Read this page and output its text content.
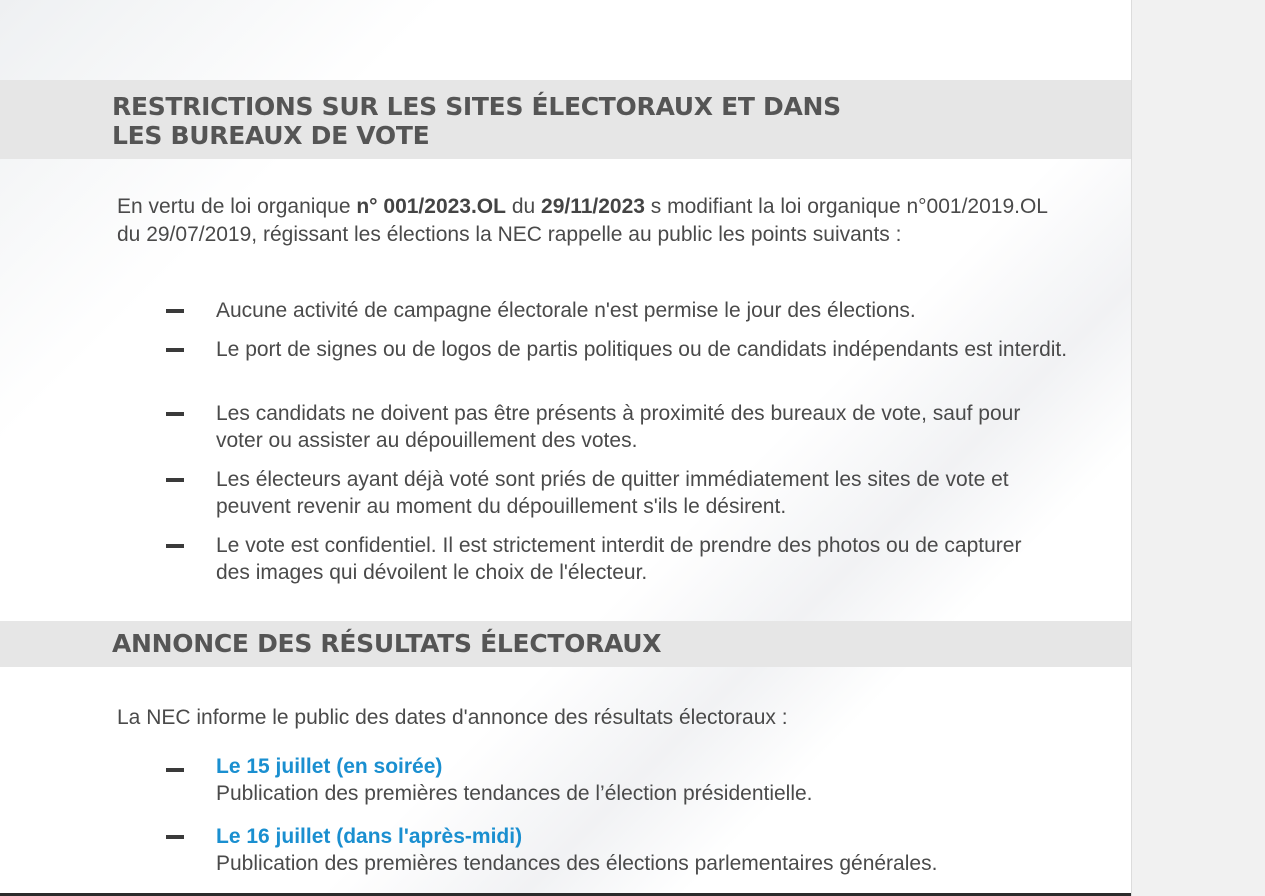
RESTRICTIONS SUR LES SITES ÉLECTORAUX ET DANS LES BUREAUX DE VOTE

En vertu de loi organique n° 001/2023.OL du 29/11/2023 s modifiant la loi organique n°001/2019.OL du 29/07/2019, régissant les élections la NEC rappelle au public les points suivants :

Aucune activité de campagne électorale n'est permise le jour des élections.
Le port de signes ou de logos de partis politiques ou de candidats indépendants est interdit.
Les candidats ne doivent pas être présents à proximité des bureaux de vote, sauf pour voter ou assister au dépouillement des votes.
Les électeurs ayant déjà voté sont priés de quitter immédiatement les sites de vote et peuvent revenir au moment du dépouillement s'ils le désirent.
Le vote est confidentiel. Il est strictement interdit de prendre des photos ou de capturer des images qui dévoilent le choix de l'électeur.
ANNONCE DES RÉSULTATS ÉLECTORAUX

La NEC informe le public des dates d'annonce des résultats électoraux :

Le 15 juillet (en soirée)
Publication des premières tendances de l’élection présidentielle.
Le 16 juillet (dans l'après-midi)
Publication des premières tendances des élections parlementaires générales.
